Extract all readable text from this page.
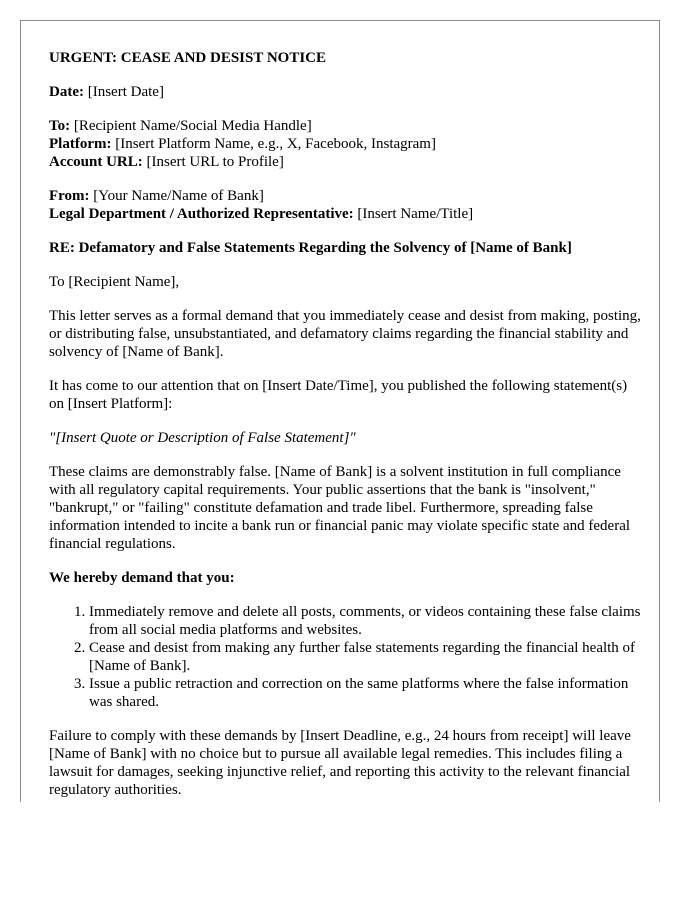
URGENT: CEASE AND DESIST NOTICE

Date: [Insert Date]

To: [Recipient Name/Social Media Handle]
Platform: [Insert Platform Name, e.g., X, Facebook, Instagram]
Account URL: [Insert URL to Profile]
From: [Your Name/Name of Bank]
Legal Department / Authorized Representative: [Insert Name/Title]

RE: Defamatory and False Statements Regarding the Solvency of [Name of Bank]

To [Recipient Name],

This letter serves as a formal demand that you immediately cease and desist from making, posting, or distributing false, unsubstantiated, and defamatory claims regarding the financial stability and solvency of [Name of Bank].

It has come to our attention that on [Insert Date/Time], you published the following statement(s) on [Insert Platform]:

"[Insert Quote or Description of False Statement]"

These claims are demonstrably false. [Name of Bank] is a solvent institution in full compliance with all regulatory capital requirements. Your public assertions that the bank is "insolvent," "bankrupt," or "failing" constitute defamation and trade libel. Furthermore, spreading false information intended to incite a bank run or financial panic may violate specific state and federal financial regulations.

We hereby demand that you:

1. Immediately remove and delete all posts, comments, or videos containing these false claims from all social media platforms and websites.
2. Cease and desist from making any further false statements regarding the financial health of [Name of Bank].
3. Issue a public retraction and correction on the same platforms where the false information was shared.

Failure to comply with these demands by [Insert Deadline, e.g., 24 hours from receipt] will leave [Name of Bank] with no choice but to pursue all available legal remedies. This includes filing a lawsuit for damages, seeking injunctive relief, and reporting this activity to the relevant financial regulatory authorities.
